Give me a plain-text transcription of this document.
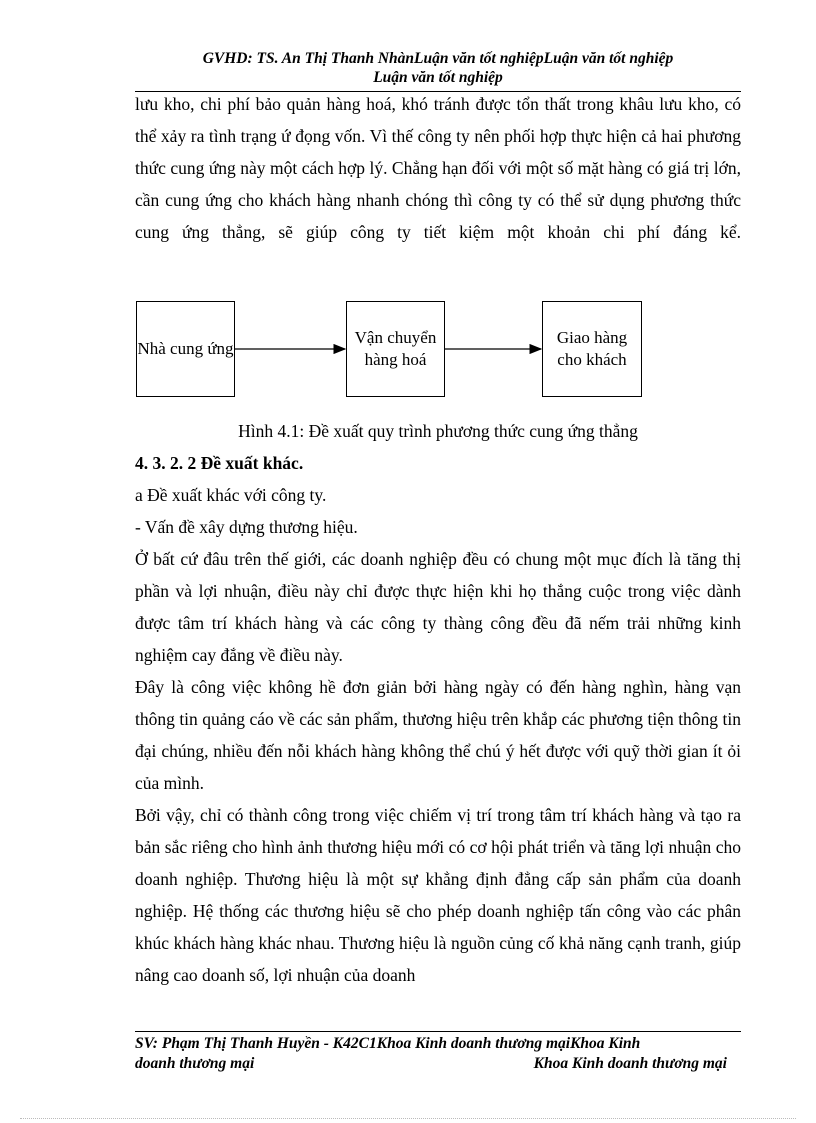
GVHD: TS. An Thị Thanh NhànLuận văn tốt nghiệpLuận văn tốt nghiệp
Luận văn tốt nghiệp

lưu kho, chi phí bảo quản hàng hoá, khó tránh được tổn thất trong khâu lưu kho, có thể xảy ra tình trạng ứ đọng vốn. Vì thế công ty nên phối hợp thực hiện cả hai phương thức cung ứng này một cách hợp lý. Chẳng hạn đối với một số mặt hàng có giá trị lớn, cần cung ứng cho khách hàng nhanh chóng thì công ty có thể sử dụng phương thức cung ứng thẳng, sẽ giúp công ty tiết kiệm một khoản chi phí đáng kể.

Nhà cung ứng
Vận chuyển hàng hoá
Giao hàng cho khách
Hình 4.1: Đề xuất quy trình phương thức cung ứng thẳng
4. 3. 2. 2 Đề xuất khác.
a Đề xuất khác với công ty.
- Vấn đề xây dựng thương hiệu.

Ở bất cứ đâu trên thế giới, các doanh nghiệp đều có chung một mục đích là tăng thị phần và lợi nhuận, điều này chỉ được thực hiện khi họ thắng cuộc trong việc dành được tâm trí khách hàng và các công ty thàng công đều đã nếm trải những kinh nghiệm cay đắng về điều này.

Đây là công việc không hề đơn giản bởi hàng ngày có đến hàng nghìn, hàng vạn thông tin quảng cáo về các sản phẩm, thương hiệu trên khắp các phương tiện thông tin đại chúng, nhiều đến nỗi khách hàng không thể chú ý hết được với quỹ thời gian ít ỏi của mình.

Bởi vậy, chỉ có thành công trong việc chiếm vị trí trong tâm trí khách hàng và tạo ra bản sắc riêng cho hình ảnh thương hiệu mới có cơ hội phát triển và tăng lợi nhuận cho doanh nghiệp. Thương hiệu là một sự khẳng định đẳng cấp sản phẩm của doanh nghiệp. Hệ thống các thương hiệu sẽ cho phép doanh nghiệp tấn công vào các phân khúc khách hàng khác nhau. Thương hiệu là nguồn củng cố khả năng cạnh tranh, giúp nâng cao doanh số, lợi nhuận của doanh

SV: Phạm Thị Thanh Huyền - K42C1Khoa Kinh doanh thương mạiKhoa Kinh
doanh thương mại	Khoa Kinh doanh thương mại
